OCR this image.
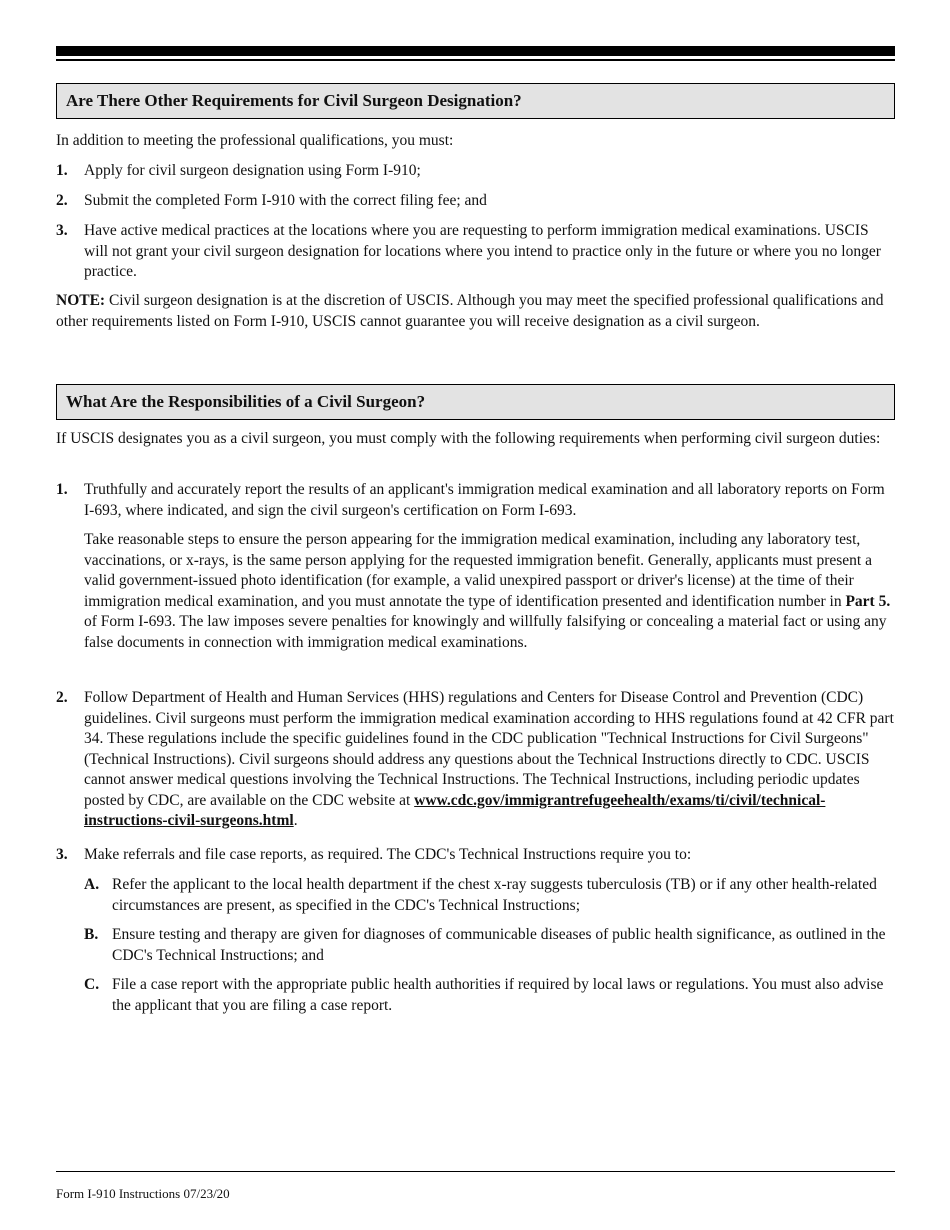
Are There Other Requirements for Civil Surgeon Designation?
In addition to meeting the professional qualifications, you must:
1. Apply for civil surgeon designation using Form I-910;
2. Submit the completed Form I-910 with the correct filing fee; and
3. Have active medical practices at the locations where you are requesting to perform immigration medical examinations. USCIS will not grant your civil surgeon designation for locations where you intend to practice only in the future or where you no longer practice.
NOTE: Civil surgeon designation is at the discretion of USCIS. Although you may meet the specified professional qualifications and other requirements listed on Form I-910, USCIS cannot guarantee you will receive designation as a civil surgeon.
What Are the Responsibilities of a Civil Surgeon?
If USCIS designates you as a civil surgeon, you must comply with the following requirements when performing civil surgeon duties:
1. Truthfully and accurately report the results of an applicant's immigration medical examination and all laboratory reports on Form I-693, where indicated, and sign the civil surgeon's certification on Form I-693.
Take reasonable steps to ensure the person appearing for the immigration medical examination, including any laboratory test, vaccinations, or x-rays, is the same person applying for the requested immigration benefit. Generally, applicants must present a valid government-issued photo identification (for example, a valid unexpired passport or driver's license) at the time of their immigration medical examination, and you must annotate the type of identification presented and identification number in Part 5. of Form I-693. The law imposes severe penalties for knowingly and willfully falsifying or concealing a material fact or using any false documents in connection with immigration medical examinations.
2. Follow Department of Health and Human Services (HHS) regulations and Centers for Disease Control and Prevention (CDC) guidelines. Civil surgeons must perform the immigration medical examination according to HHS regulations found at 42 CFR part 34. These regulations include the specific guidelines found in the CDC publication "Technical Instructions for Civil Surgeons" (Technical Instructions). Civil surgeons should address any questions about the Technical Instructions directly to CDC. USCIS cannot answer medical questions involving the Technical Instructions. The Technical Instructions, including periodic updates posted by CDC, are available on the CDC website at www.cdc.gov/immigrantrefugeehealth/exams/ti/civil/technical-instructions-civil-surgeons.html.
3. Make referrals and file case reports, as required. The CDC's Technical Instructions require you to:
A. Refer the applicant to the local health department if the chest x-ray suggests tuberculosis (TB) or if any other health-related circumstances are present, as specified in the CDC's Technical Instructions;
B. Ensure testing and therapy are given for diagnoses of communicable diseases of public health significance, as outlined in the CDC's Technical Instructions; and
C. File a case report with the appropriate public health authorities if required by local laws or regulations. You must also advise the applicant that you are filing a case report.
Form I-910 Instructions 07/23/20
